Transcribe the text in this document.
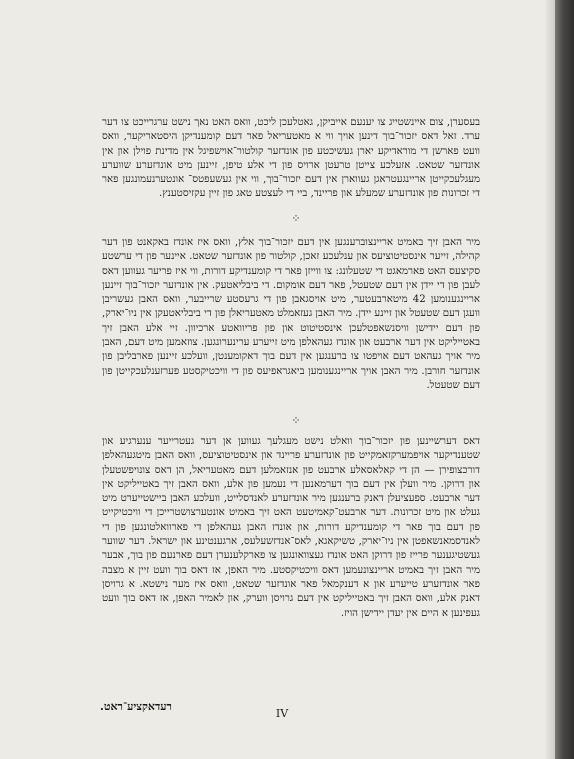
בעסערן, צום איינשטייג צו יענעם אייביקן, גאטלעכן ליכט, וואס האט נאך נישט ערגרייכט צו דער ערד. זאל דאס יזכור־בוך דינען אויך ווי א מאטעריאל פאר דעם קומענדיקן היסטאריקער, וואס וועט פארשן די מוראדיקע יארן געשיכטע פון אונדזער קולטור־אוישפיגל אין מדינת פוילן און אין אונדזער שטאט. אזעלכע צייטן טרעטן ארויס פון די אלע טיפן, זיינען מיט אונדזערע שווערע מעגלעכקייטן אריינגעטראגן געווארן אין דעם יזכור־בוך, ווי אין געשעפטס־ אונטערנעמונגען פאר די זכרונות פון אונדזערע שמעלע און פריינד, ביי די לעצטע טאג פון זיין עקזיסטענץ.

⁘

מיר האבן זיך באמיט אריינצוברענגען אין דעם יזכור־בוך אלץ, וואס איז אונדז באקאנט פון דער קהילה, זייער אינסטיטוציעס און ענלעכע זאכן, קולטור פון אונדזער שטאט. איינער פון די ערשטע סקיצעס האט פארמאגט די שטעלונג: צו ווייזן פאר די קומענדיקע דורות, ווי איז פריער געווען דאס לעבן פון די יידן אין דעם שטעטל, פאר דעם אומקום. די ביבליאטעק. אין אונדזער יזכור־בוך זיינען אריינגענומען 42 מיטארבעטער, מיט אויסגאבן פון די גרעסטע שרייבער, וואס האבן געשריבן וועגן דעם שטעטל און זיינע יידן. מיר האבן געזאמלט מאטעריאלן פון די ביבליאטעקן אין ניו־יארק, פון דעם יידישן וויסנשאפטלעכן אינסטיטוט און פון פריוואטע ארכיוון. זיי אלע האבן זיך באטייליקט אין דער ארבעט און אונדז געהאלפן מיט זייערע ערינערונגען. צוזאמען מיט דעם, האבן מיר אויך געהאט דעם אויפטו צו ברענגען אין דעם בוך דאקומענטן, וועלכע זיינען פארבליבן פון אונדזער חורבן. מיר האבן אויך אריינגענומען ביאגראפיעס פון די וויכטיקסטע פערזענלעכקייטן פון דעם שטעטל.

⁘

דאס דערשיינען פון יזכור־בוך וואלט נישט מעגלעך געווען אן דער געטרייער ענערגיע און שטענדיקער אויפמערקזאמקייט פון אונדזערע פריינד און אינסטיטוציעס, וואס האבן מיטגעהאלפן דורכצופירן — הן די קאלאסאלע ארבעט פון אנזאמלען דעם מאטעריאל, הן דאס צונויפשטעלן און דרוקן. מיר וועלן אין דעם בוך דערמאנען די נעמען פון אלע, וואס האבן זיך באטייליקט אין דער ארבעט. ספעציעלן דאנק ברענגען מיר אונדזערע לאנדסלייט, וועלכע האבן ביישטייערט מיט געלט און מיט זכרונות. דער ארבעט־קאמיטעט האט זיך באמיט אונטערצושטרייכן די וויכטיקייט פון דעם בוך פאר די קומענדיקע דורות, און אונדז האבן געהאלפן די פארוואלטונגען פון די לאנדסמאנשאפטן אין ניו־יארק, טשיקאגא, לאס־אנדזשעלעס, ארגענטינע און ישראל. דער שווער געשטיגענער פרייז פון דרוקן האט אונדז געצוואונגען צו פארקלענערן דעם פארנעם פון בוך, אבער מיר האבן זיך באמיט אריינצונעמען דאס וויכטיקסטע. מיר האפן, אז דאס בוך וועט זיין א מצבה פאר אונדזערע טייערע און א דענקמאל פאר אונדזער שטאט, וואס איז מער נישטא. א גרויסן דאנק אלע, וואס האבן זיך באטייליקט אין דעם גרויסן ווערק, און לאמיר האפן, אז דאס בוך וועט געפינען א היים אין יעדן יידישן הויז.

רעדאקציע־ראט.
IV
